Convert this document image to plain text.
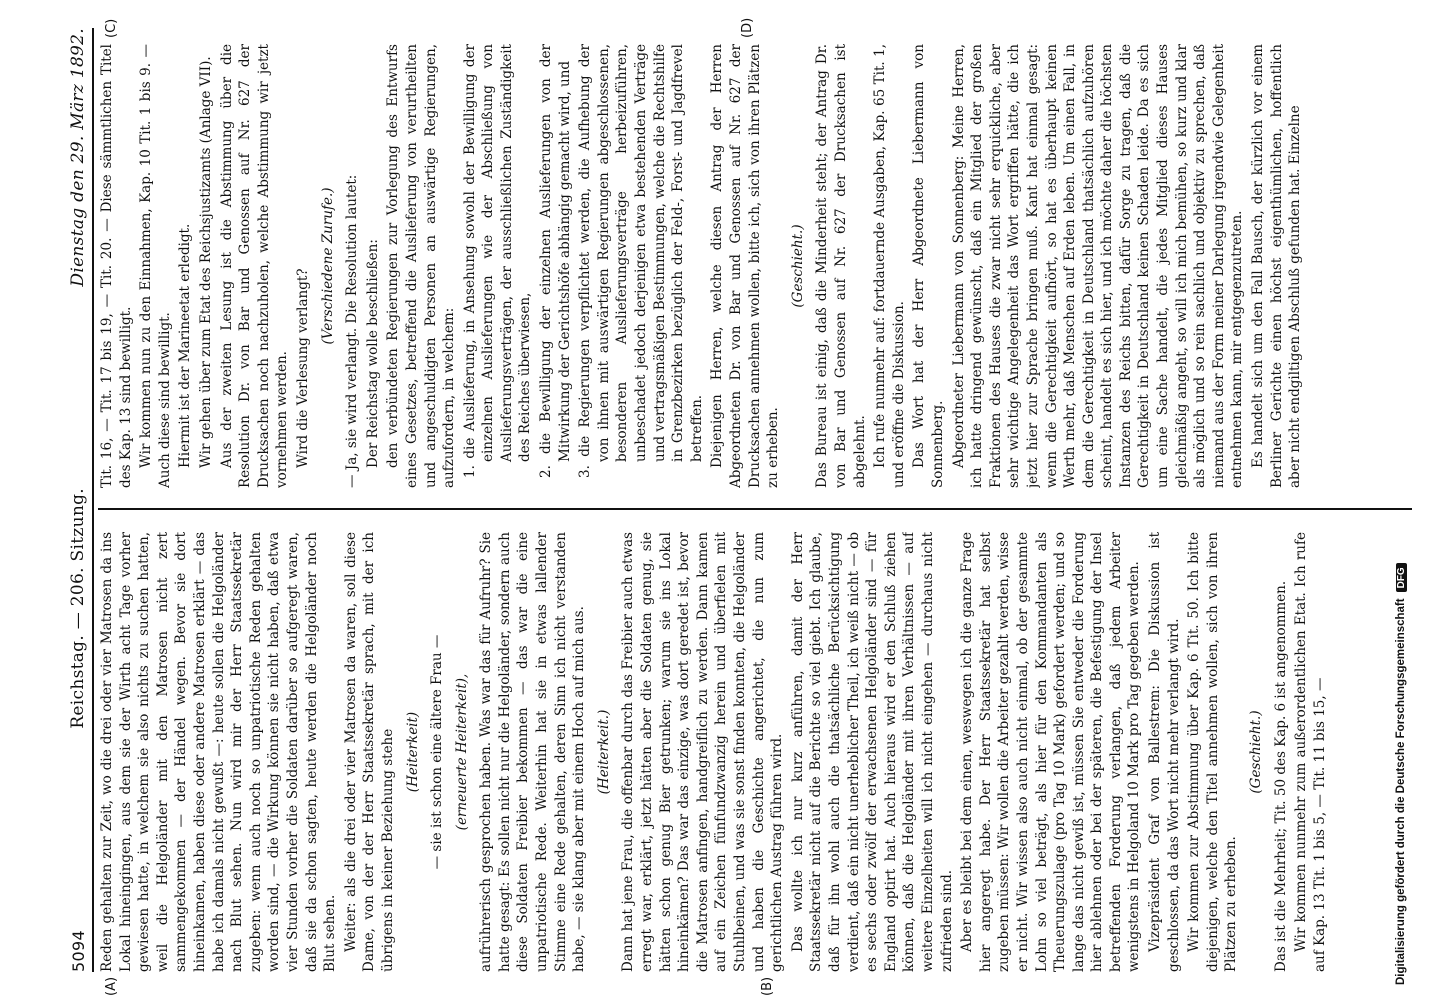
5094
Reichstag. — 206. Sitzung.
Dienstag den 29. März 1892.
(A)	(B)
(C)	(D)

Reden gehalten zur Zeit, wo die drei oder vier Matrosen da ins Lokal hineingingen, aus dem sie der Wirth acht Tage vorher gewiesen hatte, in welchem sie also nichts zu suchen hatten, weil die Helgoländer mit den Matrosen nicht zert sammengekommen — der Händel wegen. Bevor sie dort hineinkamen, haben diese oder andere Matrosen erklärt — das habe ich damals nicht gewußt —: heute sollen die Helgoländer nach Blut sehen. Nun wird mir der Herr Staatssekretär zugeben: wenn auch noch so unpatriotische Reden gehalten worden sind, — die Wirkung können sie nicht haben, daß etwa vier Stunden vorher die Soldaten darüber so aufgeregt waren, daß sie da schon sagten, heute werden die Helgoländer noch Blut sehen. Weiter: als die drei oder vier Matrosen da waren, soll diese Dame, von der der Herr Staatssekretär sprach, mit der ich übrigens in keiner Beziehung stehe (Heiterkeit) — sie ist schon eine ältere Frau — (erneuerte Heiterkeit), aufrührerisch gesprochen haben. Was war das für Aufruhr? Sie hatte gesagt: Es sollen nicht nur die Helgoländer, sondern auch diese Soldaten Freibier bekommen — das war die eine unpatriotische Rede. Weiterhin hat sie in etwas lallender Stimme eine Rede gehalten, deren Sinn ich nicht verstanden habe, — sie klang aber mit einem Hoch auf mich aus. (Heiterkeit.) Dann hat jene Frau, die offenbar durch das Freibier auch etwas erregt war, erklärt, jetzt hätten aber die Soldaten genug, sie hätten schon genug Bier getrunken; warum sie ins Lokal hineinkämen? Das war das einzige, was dort geredet ist, bevor die Matrosen anfingen, handgreiflich zu werden. Dann kamen auf ein Zeichen fünfundzwanzig herein und überfielen mit Stuhlbeinen, und was sie sonst finden konnten, die Helgoländer und haben die Geschichte angerichtet, die nun zum gerichtlichen Austrag führen wird. Das wollte ich nur kurz anführen, damit der Herr Staatssekretär nicht auf die Berichte so viel giebt. Ich glaube, daß für ihn wohl auch die thatsächliche Berücksichtigung verdient, daß ein nicht unerheblicher Theil, ich weiß nicht — ob es sechs oder zwölf der erwachsenen Helgoländer sind — für England optirt hat. Auch hieraus wird er den Schluß ziehen können, daß die Helgoländer mit ihren Verhältnissen — auf weitere Einzelheiten will ich nicht eingehen — durchaus nicht zufrieden sind. Aber es bleibt bei dem einen, weswegen ich die ganze Frage hier angeregt habe. Der Herr Staatssekretär hat selbst zugeben müssen: Wir wollen die Arbeiter gezahlt werden, wisse er nicht. Wir wissen also auch nicht einmal, ob der gesammte Lohn so viel beträgt, als hier für den Kommandanten als Theuerungszulage (pro Tag 10 Mark) gefordert werden; und so lange das nicht gewiß ist, müssen Sie entweder die Forderung hier ablehnen oder bei der späteren, die Befestigung der Insel betreffenden Forderung verlangen, daß jedem Arbeiter wenigstens in Helgoland 10 Mark pro Tag gegeben werden. Vizepräsident Graf von Ballestrem: Die Diskussion ist geschlossen, da das Wort nicht mehr verlangt wird. Wir kommen zur Abstimmung über Kap. 6 Tit. 50. Ich bitte diejenigen, welche den Titel annehmen wollen, sich von ihren Plätzen zu erheben.

(Geschieht.) Das ist die Mehrheit; Tit. 50 des Kap. 6 ist angenommen. Wir kommen nunmehr zum außerordentlichen Etat. Ich rufe auf Kap. 13 Tit. 1 bis 5, — Tit. 11 bis 15, —

Tit. 16, — Tit. 17 bis 19, — Tit. 20. — Diese sämmtlichen Titel des Kap. 13 sind bewilligt. Wir kommen nun zu den Einnahmen, Kap. 10 Tit. 1 bis 9. — Auch diese sind bewilligt. Hiermit ist der Marineetat erledigt. Wir gehen über zum Etat des Reichsjustizamts (Anlage VII). Aus der zweiten Lesung ist die Abstimmung über die Resolution Dr. von Bar und Genossen auf Nr. 627 der Drucksachen noch nachzuholen, welche Abstimmung wir jetzt vornehmen werden. Wird die Verlesung verlangt?

(Verschiedene Zurufe.) — Ja, sie wird verlangt. Die Resolution lautet: Der Reichstag wolle beschließen: den verbündeten Regierungen zur Vorlegung des Entwurfs eines Gesetzes, betreffend die Auslieferung von verurtheilten und angeschuldigten Personen an auswärtige Regierungen, aufzufordern, in welchem: 1. die Auslieferung, in Ansehung sowohl der Bewilligung der einzelnen Auslieferungen wie der Abschließung von Auslieferungsverträgen, der ausschließlichen Zuständigkeit des Reiches überwiesen, 2. die Bewilligung der einzelnen Auslieferungen von der Mitwirkung der Gerichtshöfe abhängig gemacht wird, und 3. die Regierungen verpflichtet werden, die Aufhebung der von ihnen mit auswärtigen Regierungen abgeschlossenen, besonderen Auslieferungsverträge herbeizuführen, unbeschadet jedoch derjenigen etwa bestehenden Verträge und vertragsmäßigen Bestimmungen, welche die Rechtshilfe in Grenzbezirken bezüglich der Feld-, Forst- und Jagdfrevel betreffen. Diejenigen Herren, welche diesen Antrag der Herren Abgeordneten Dr. von Bar und Genossen auf Nr. 627 der Drucksachen annehmen wollen, bitte ich, sich von ihren Plätzen zu erheben.

(Geschieht.) Das Bureau ist einig, daß die Minderheit steht; der Antrag Dr. von Bar und Genossen auf Nr. 627 der Drucksachen ist abgelehnt. Ich rufe nunmehr auf: fortdauernde Ausgaben, Kap. 65 Tit. 1, und eröffne die Diskussion. Das Wort hat der Herr Abgeordnete Liebermann von Sonnenberg. Abgeordneter Liebermann von Sonnenberg: Meine Herren, ich hatte dringend gewünscht, daß ein Mitglied der großen Fraktionen des Hauses die zwar nicht sehr erquickliche, aber sehr wichtige Angelegenheit das Wort ergriffen hätte, die ich jetzt hier zur Sprache bringen muß. Kant hat einmal gesagt: wenn die Gerechtigkeit aufhört, so hat es überhaupt keinen Werth mehr, daß Menschen auf Erden leben. Um einen Fall, in dem die Gerechtigkeit in Deutschland thatsächlich aufzuhören scheint, handelt es sich hier, und ich möchte daher die höchsten Instanzen des Reichs bitten, dafür Sorge zu tragen, daß die Gerechtigkeit in Deutschland keinen Schaden leide. Da es sich um eine Sache handelt, die jedes Mitglied dieses Hauses gleichmäßig angeht, so will ich mich bemühen, so kurz und klar als möglich und so rein sachlich und objektiv zu sprechen, daß niemand aus der Form meiner Darlegung irgendwie Gelegenheit entnehmen kann, mir entgegenzutreten. Es handelt sich um den Fall Bausch, der kürzlich vor einem Berliner Gerichte einen höchst eigenthümlichen, hoffentlich aber nicht endgiltigen Abschluß gefunden hat. Einzelne

Digitalisierung gefördert durch die Deutsche ForschungsgemeinschaftDFG
